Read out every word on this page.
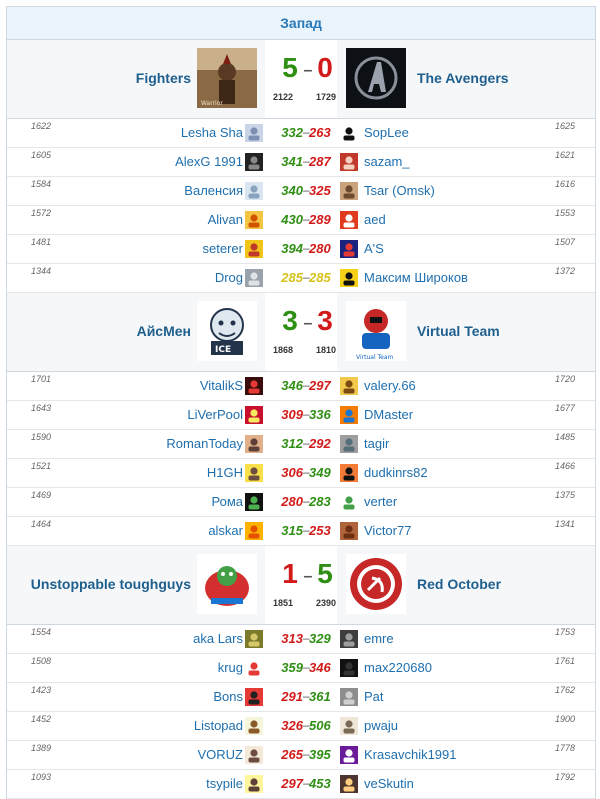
Запад
Fighters
Warrior
5 – 0
2122	1729
The Avengers
1622	Lesha Sha	332 – 263	SopLee	1625
1605	AlexG 1991	341 – 287	sazam_	1621
1584	Валенсия	340 – 325	Tsar (Omsk)	1616
1572	Alivan	430 – 289	aed	1553
1481	seterer	394 – 280	A'S	1507
1344	Drog	285 – 285	Максим Широков	1372
АйсМен
ICE
3 – 3
1868	1810
Virtual Team
Virtual Team
1701	VitalikS	346 – 297	valery.66	1720
1643	LiVerPool	309 – 336	DMaster	1677
1590	RomanToday	312 – 292	tagir	1485
1521	H1GH	306 – 349	dudkinrs82	1466
1469	Рома	280 – 283	verter	1375
1464	alskar	315 – 253	Victor77	1341
Unstoppable toughguys	1 – 5
1851	2390
Red October
1554	aka Lars	313 – 329	emre	1753
1508	krug	359 – 346	max220680	1761
1423	Bons	291 – 361	Pat	1762
1452	Listopad	326 – 506	pwaju	1900
1389	VORUZ	265 – 395	Krasavchik1991	1778
1093	tsypile	297 – 453	veSkutin	1792
